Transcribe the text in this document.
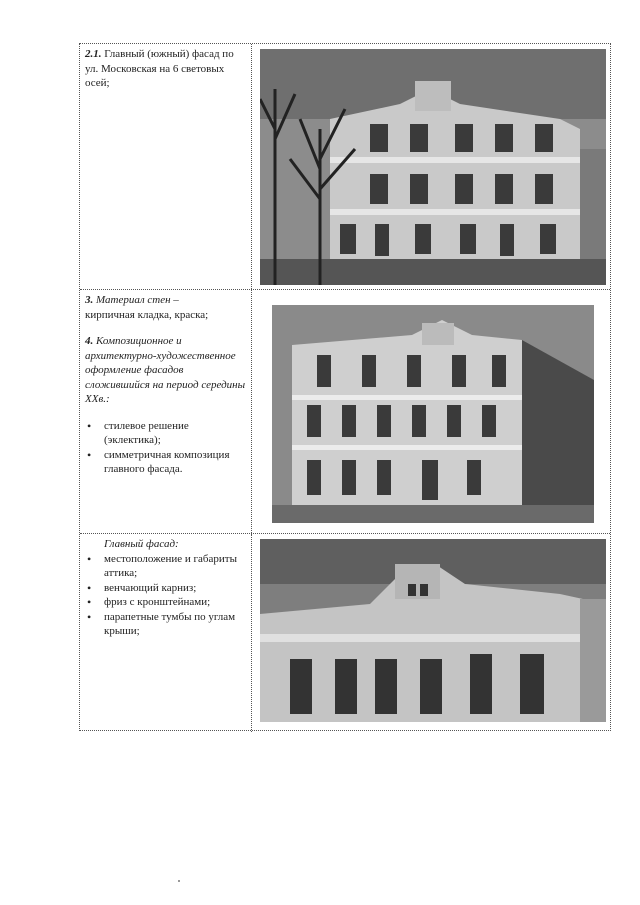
2.1. Главный (южный) фасад по ул. Московская на 6 световых осей;
3. Материал стен –
кирпичная кладка, краска;
4. Композиционное и архитектурно-художественное оформление фасадов сложившийся на период середины ХХв.:
• стилевое решение (эклектика);
• симметричная композиция главного фасада.
Главный фасад:
• местоположение и габариты аттика;
• венчающий карниз;
• фриз с кронштейнами;
• парапетные тумбы по углам крыши;
